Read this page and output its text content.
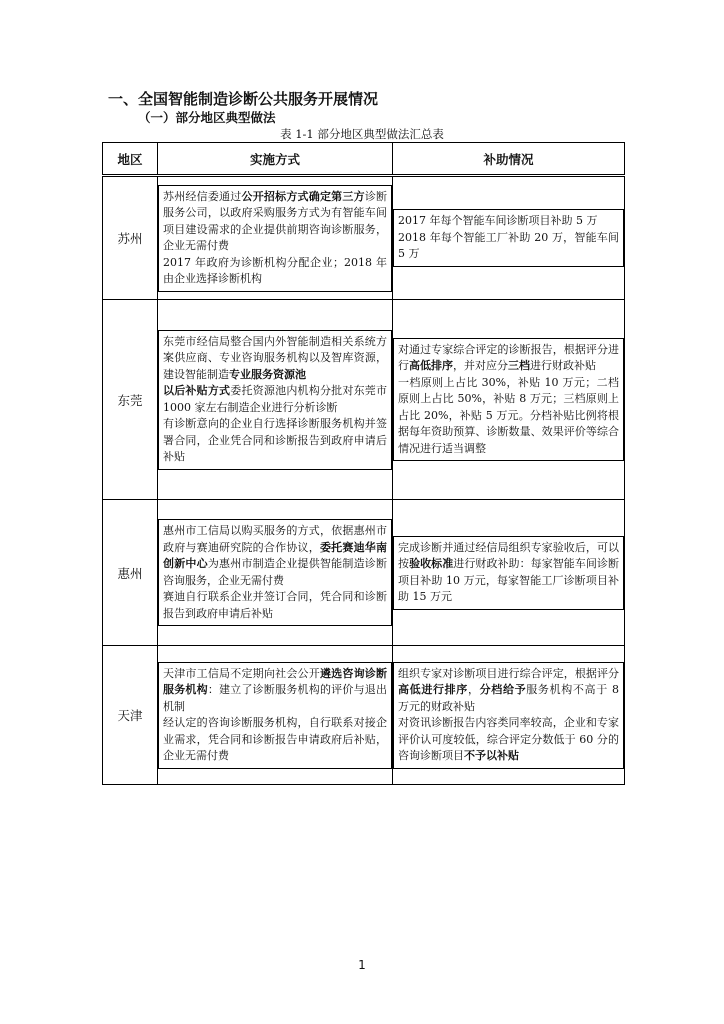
一、全国智能制造诊断公共服务开展情况
（一）部分地区典型做法
表 1-1 部分地区典型做法汇总表
地区	实施方式	补助情况
苏州	苏州经信委通过公开招标方式确定第三方诊断服务公司，以政府采购服务方式为有智能车间项目建设需求的企业提供前期咨询诊断服务，企业无需付费
2017 年政府为诊断机构分配企业；2018 年由企业选择诊断机构	2017 年每个智能车间诊断项目补助 5 万
2018 年每个智能工厂补助 20 万，智能车间 5 万

东莞	东莞市经信局整合国内外智能制造相关系统方案供应商、专业咨询服务机构以及智库资源，建设智能制造专业服务资源池
以后补贴方式委托资源池内机构分批对东莞市 1000 家左右制造企业进行分析诊断
有诊断意向的企业自行选择诊断服务机构并签署合同，企业凭合同和诊断报告到政府申请后补贴	对通过专家综合评定的诊断报告，根据评分进行高低排序，并对应分三档进行财政补贴
一档原则上占比 30%，补贴 10 万元；二档原则上占比 50%，补贴 8 万元；三档原则上占比 20%，补贴 5 万元。分档补贴比例将根据每年资助预算、诊断数量、效果评价等综合情况进行适当调整

惠州	惠州市工信局以购买服务的方式，依据惠州市政府与赛迪研究院的合作协议，委托赛迪华南创新中心为惠州市制造企业提供智能制造诊断咨询服务，企业无需付费
赛迪自行联系企业并签订合同，凭合同和诊断报告到政府申请后补贴	完成诊断并通过经信局组织专家验收后，可以按验收标准进行财政补助：每家智能车间诊断项目补助 10 万元，每家智能工厂诊断项目补助 15 万元

天津	天津市工信局不定期向社会公开遴选咨询诊断服务机构：建立了诊断服务机构的评价与退出机制
经认定的咨询诊断服务机构，自行联系对接企业需求，凭合同和诊断报告申请政府后补贴，企业无需付费	组织专家对诊断项目进行综合评定，根据评分高低进行排序，分档给予服务机构不高于 8 万元的财政补贴
对资讯诊断报告内容类同率较高，企业和专家评价认可度较低，综合评定分数低于 60 分的咨询诊断项目不予以补贴
1
